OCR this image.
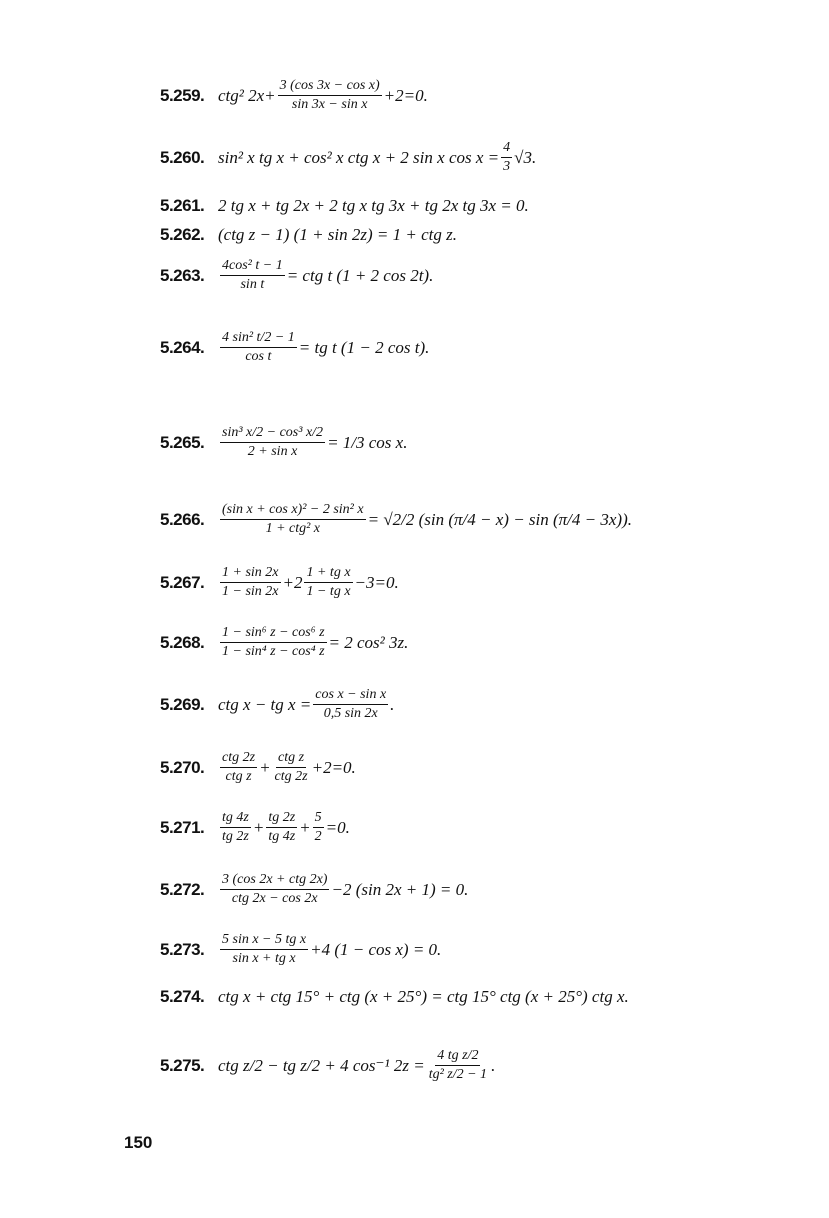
5.259. ctg² $2x+ \frac{\text{3 (cos 3x − cos x)}}{\text{sin 3x − sin x}} +2=0$.
5.260. sin² x tg x + cos² x ctg x + 2 sin x $\cos x = \frac{4}{3} √3$.
5.261. 2 tg x + tg 2x + 2 tg x tg 3x + tg 2x tg 3x = 0.
5.262. (ctg z − 1) (1 + sin 2z) = 1 + ctg z.
5.263.	$\frac{\text{4cos² t − 1}}{\text{sin t}}$ = ctg t (1 + 2 cos 2t).
5.264.	$\frac{\text{4 sin² t/2 − 1}}{\text{cos t}}$ = tg t (1 − 2 cos t).
5.265.	$\frac{\text{sin³ x/2 − cos³ x/2}}{\text{2 + sin x}} = 1/3$ cos x.
5.266.	$\frac{\text{(sin x + cos x)² − 2 sin² x}}{\text{1 + ctg² x}} = √2/2$ (sin (π/4 − x) − sin (π/4 − 3x)).
5.267.	$\frac{1 + \sin 2x}{1 - \sin 2x} +2 \frac{\text{1 + tg x}}{\text{1 − tg x}} -3=0$.
5.268.	$\frac{\text{1 − sin⁶ z − cos⁶ z}}{\text{1 − sin⁴ z − cos⁴ z}} = 2$ cos² 3z.
5.269. ctg x − tg $x = \frac{\text{cos x − sin x}}{0,5 \sin 2x}$ .
5.270.	$\frac{\text{ctg 2z}}{\text{ctg z}} + \frac{\text{ctg z}}{\text{ctg 2z}} +2=0$.
5.271.	$\frac{tg 4z}{tg 2z} + \frac{tg 2z}{tg 4z} + \frac{5}{2} =0$.
5.272.	$\frac{\text{3 (cos 2x + ctg 2x)}}{\text{ctg 2x − cos 2x}} -2$ (sin 2x + 1) = 0.
5.273.	$\frac{\text{5 sin x − 5 tg x}}{\text{sin x + tg x}} +4$ (1 − cos x) = 0.
5.274. ctg x + ctg 15° + ctg (x + 25°) = ctg 15° ctg (x + 25°) ctg x.
5.275. ctg z/2 − tg z/2 + 4 cos⁻¹ $2z = \frac{\text{4 tg z/2}}{\text{tg² z/2 − 1}}$ .
150
